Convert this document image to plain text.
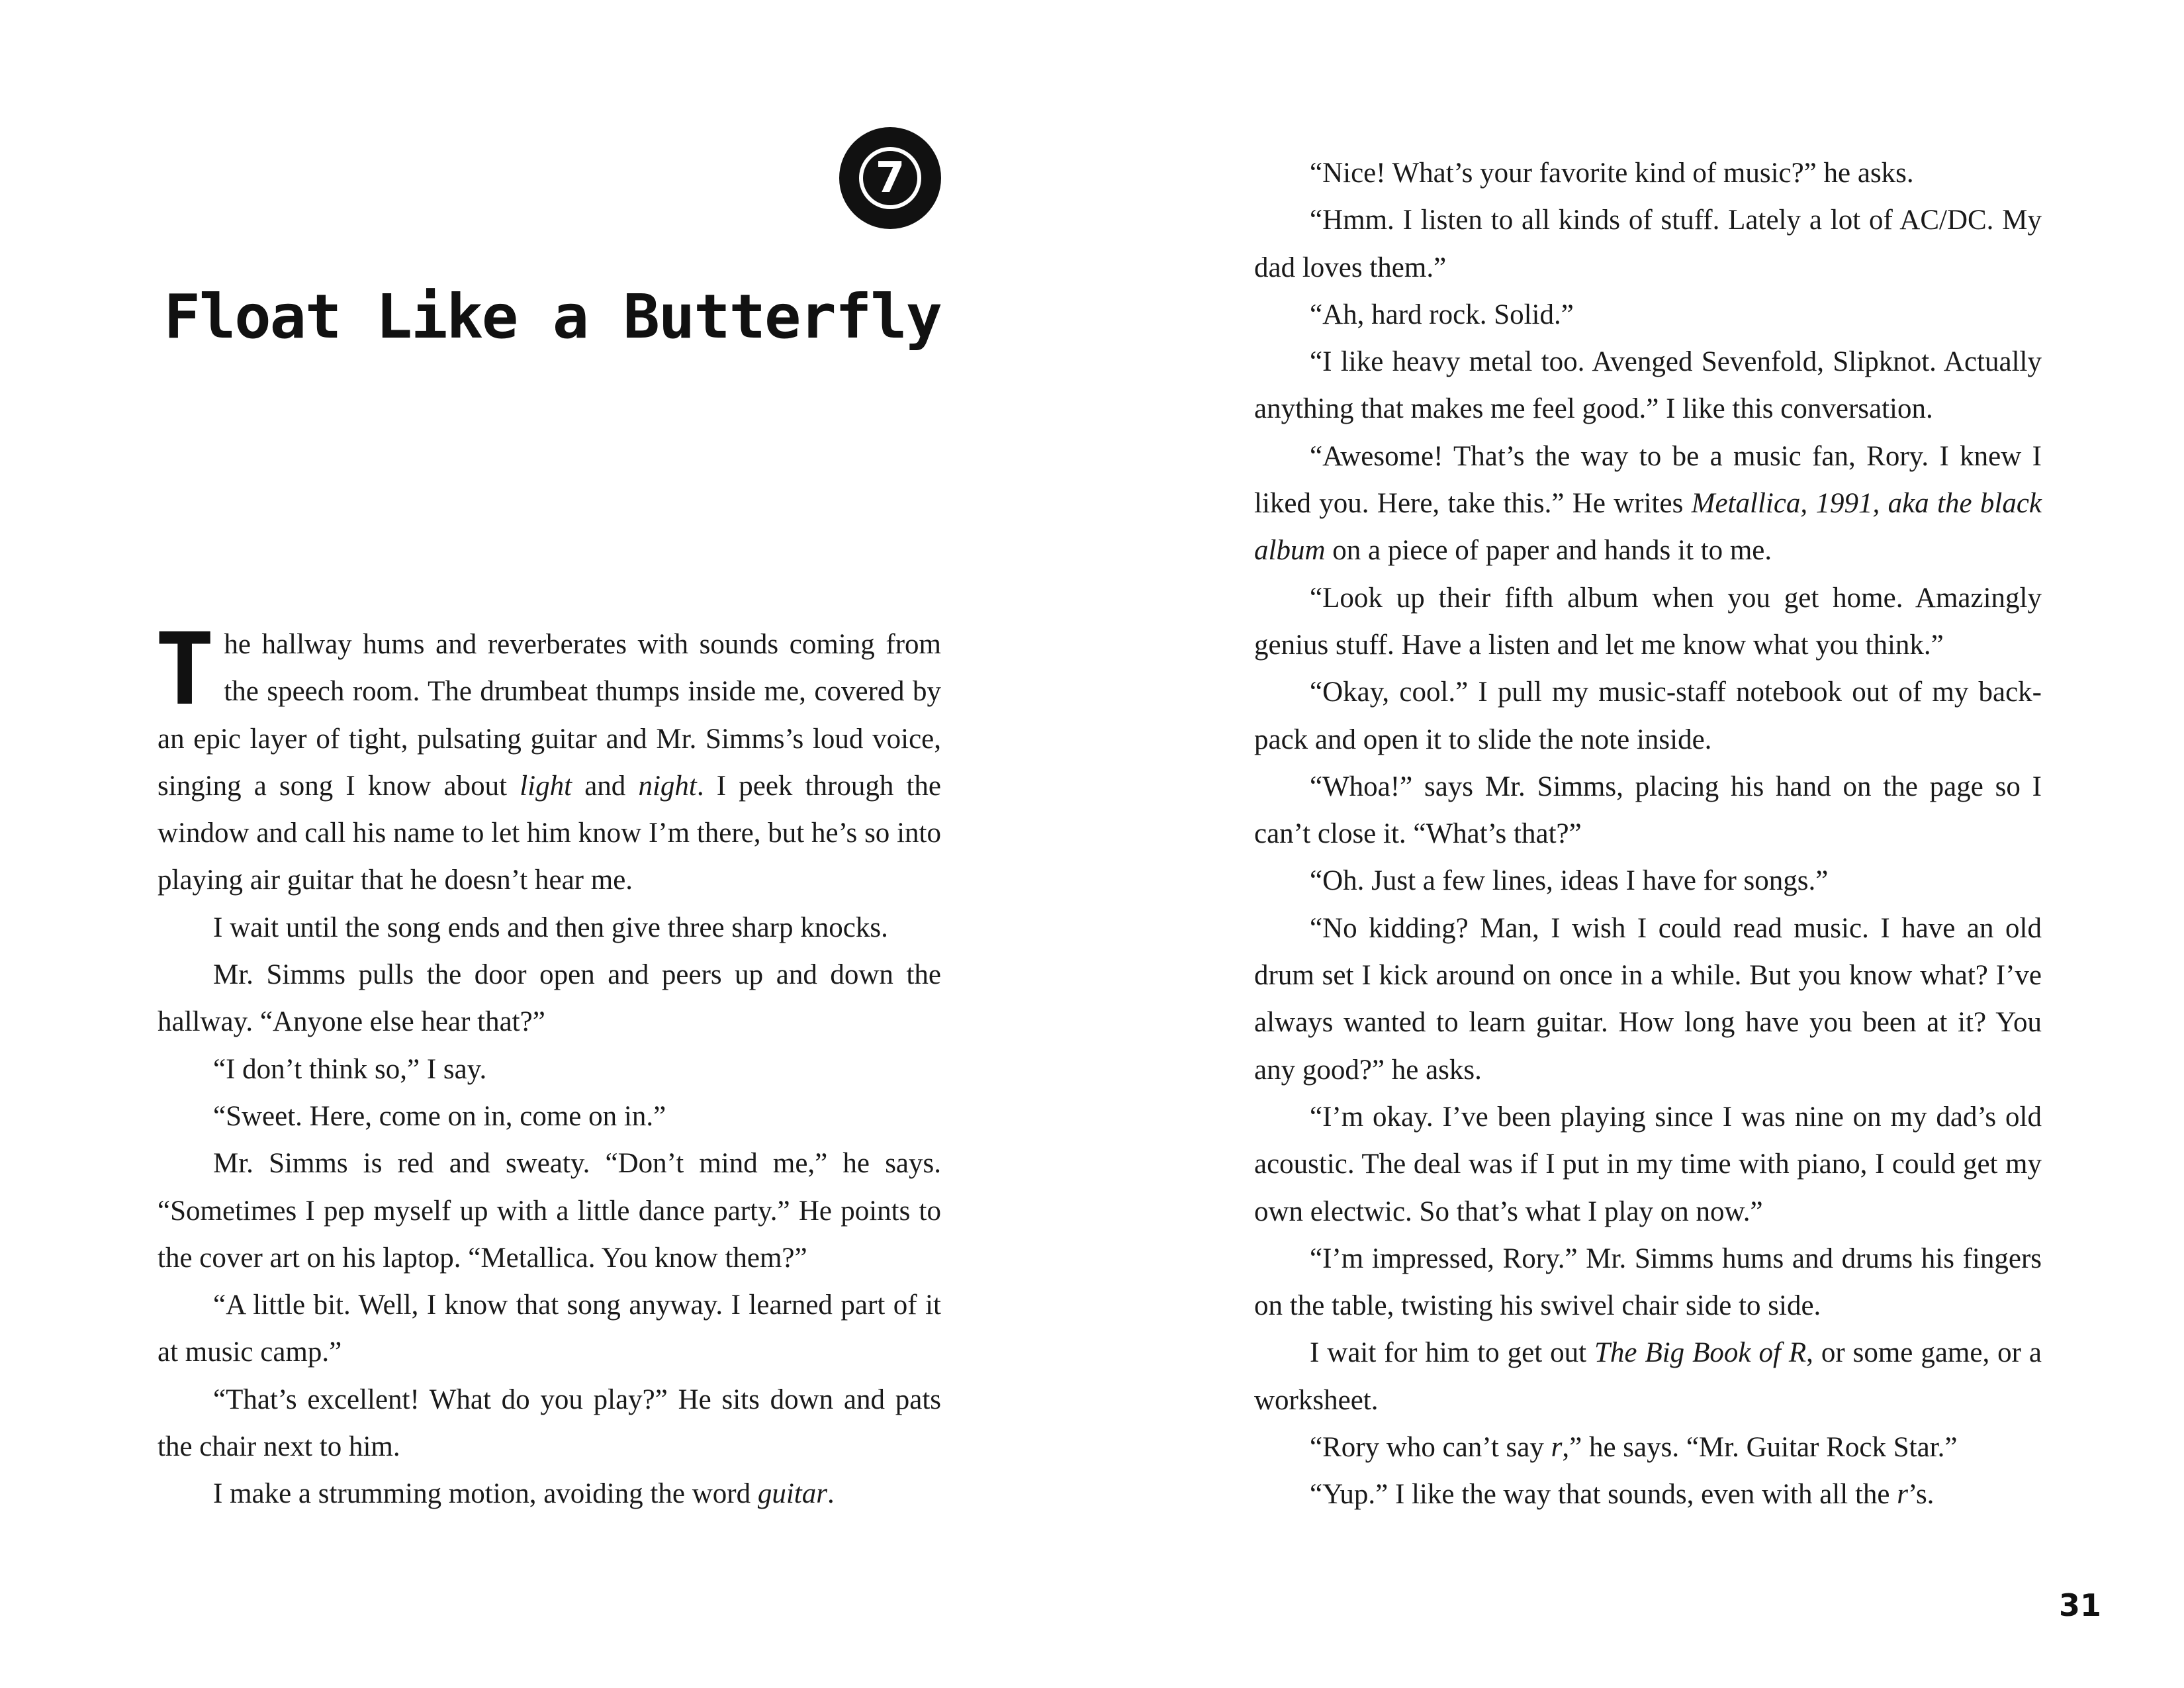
7
Float Like a Butterfly

The hallway hums and reverberates with sounds coming from the speech room. The drumbeat thumps inside me, covered by an epic layer of tight, pulsating guitar and Mr. Simms’s loud voice, singing a song I know about light and night. I peek through the window and call his name to let him know I’m there, but he’s so into playing air guitar that he doesn’t hear me.

I wait until the song ends and then give three sharp knocks.

Mr. Simms pulls the door open and peers up and down the hallway. “Anyone else hear that?”

“I don’t think so,” I say.

“Sweet. Here, come on in, come on in.”

Mr. Simms is red and sweaty. “Don’t mind me,” he says. “Sometimes I pep myself up with a little dance party.” He points to the cover art on his laptop. “Metallica. You know them?”

“A little bit. Well, I know that song anyway. I learned part of it at music camp.”

“That’s excellent! What do you play?” He sits down and pats the chair next to him.

I make a strumming motion, avoiding the word guitar.

“Nice! What’s your favorite kind of music?” he asks.

“Hmm. I listen to all kinds of stuff. Lately a lot of AC/DC. My dad loves them.”

“Ah, hard rock. Solid.”

“I like heavy metal too. Avenged Sevenfold, Slipknot. Actually anything that makes me feel good.” I like this conversation.

“Awesome! That’s the way to be a music fan, Rory. I knew I liked you. Here, take this.” He writes Metallica, 1991, aka the black album on a piece of paper and hands it to me.

“Look up their fifth album when you get home. Amazingly genius stuff. Have a listen and let me know what you think.”

“Okay, cool.” I pull my music-staff notebook out of my back-pack and open it to slide the note inside.

“Whoa!” says Mr. Simms, placing his hand on the page so I can’t close it. “What’s that?”

“Oh. Just a few lines, ideas I have for songs.”

“No kidding? Man, I wish I could read music. I have an old drum set I kick around on once in a while. But you know what? I’ve always wanted to learn guitar. How long have you been at it? You any good?” he asks.

“I’m okay. I’ve been playing since I was nine on my dad’s old acoustic. The deal was if I put in my time with piano, I could get my own electwic. So that’s what I play on now.”

“I’m impressed, Rory.” Mr. Simms hums and drums his fingers on the table, twisting his swivel chair side to side.

I wait for him to get out The Big Book of R, or some game, or a worksheet.

“Rory who can’t say r,” he says. “Mr. Guitar Rock Star.”

“Yup.” I like the way that sounds, even with all the r’s.

31
